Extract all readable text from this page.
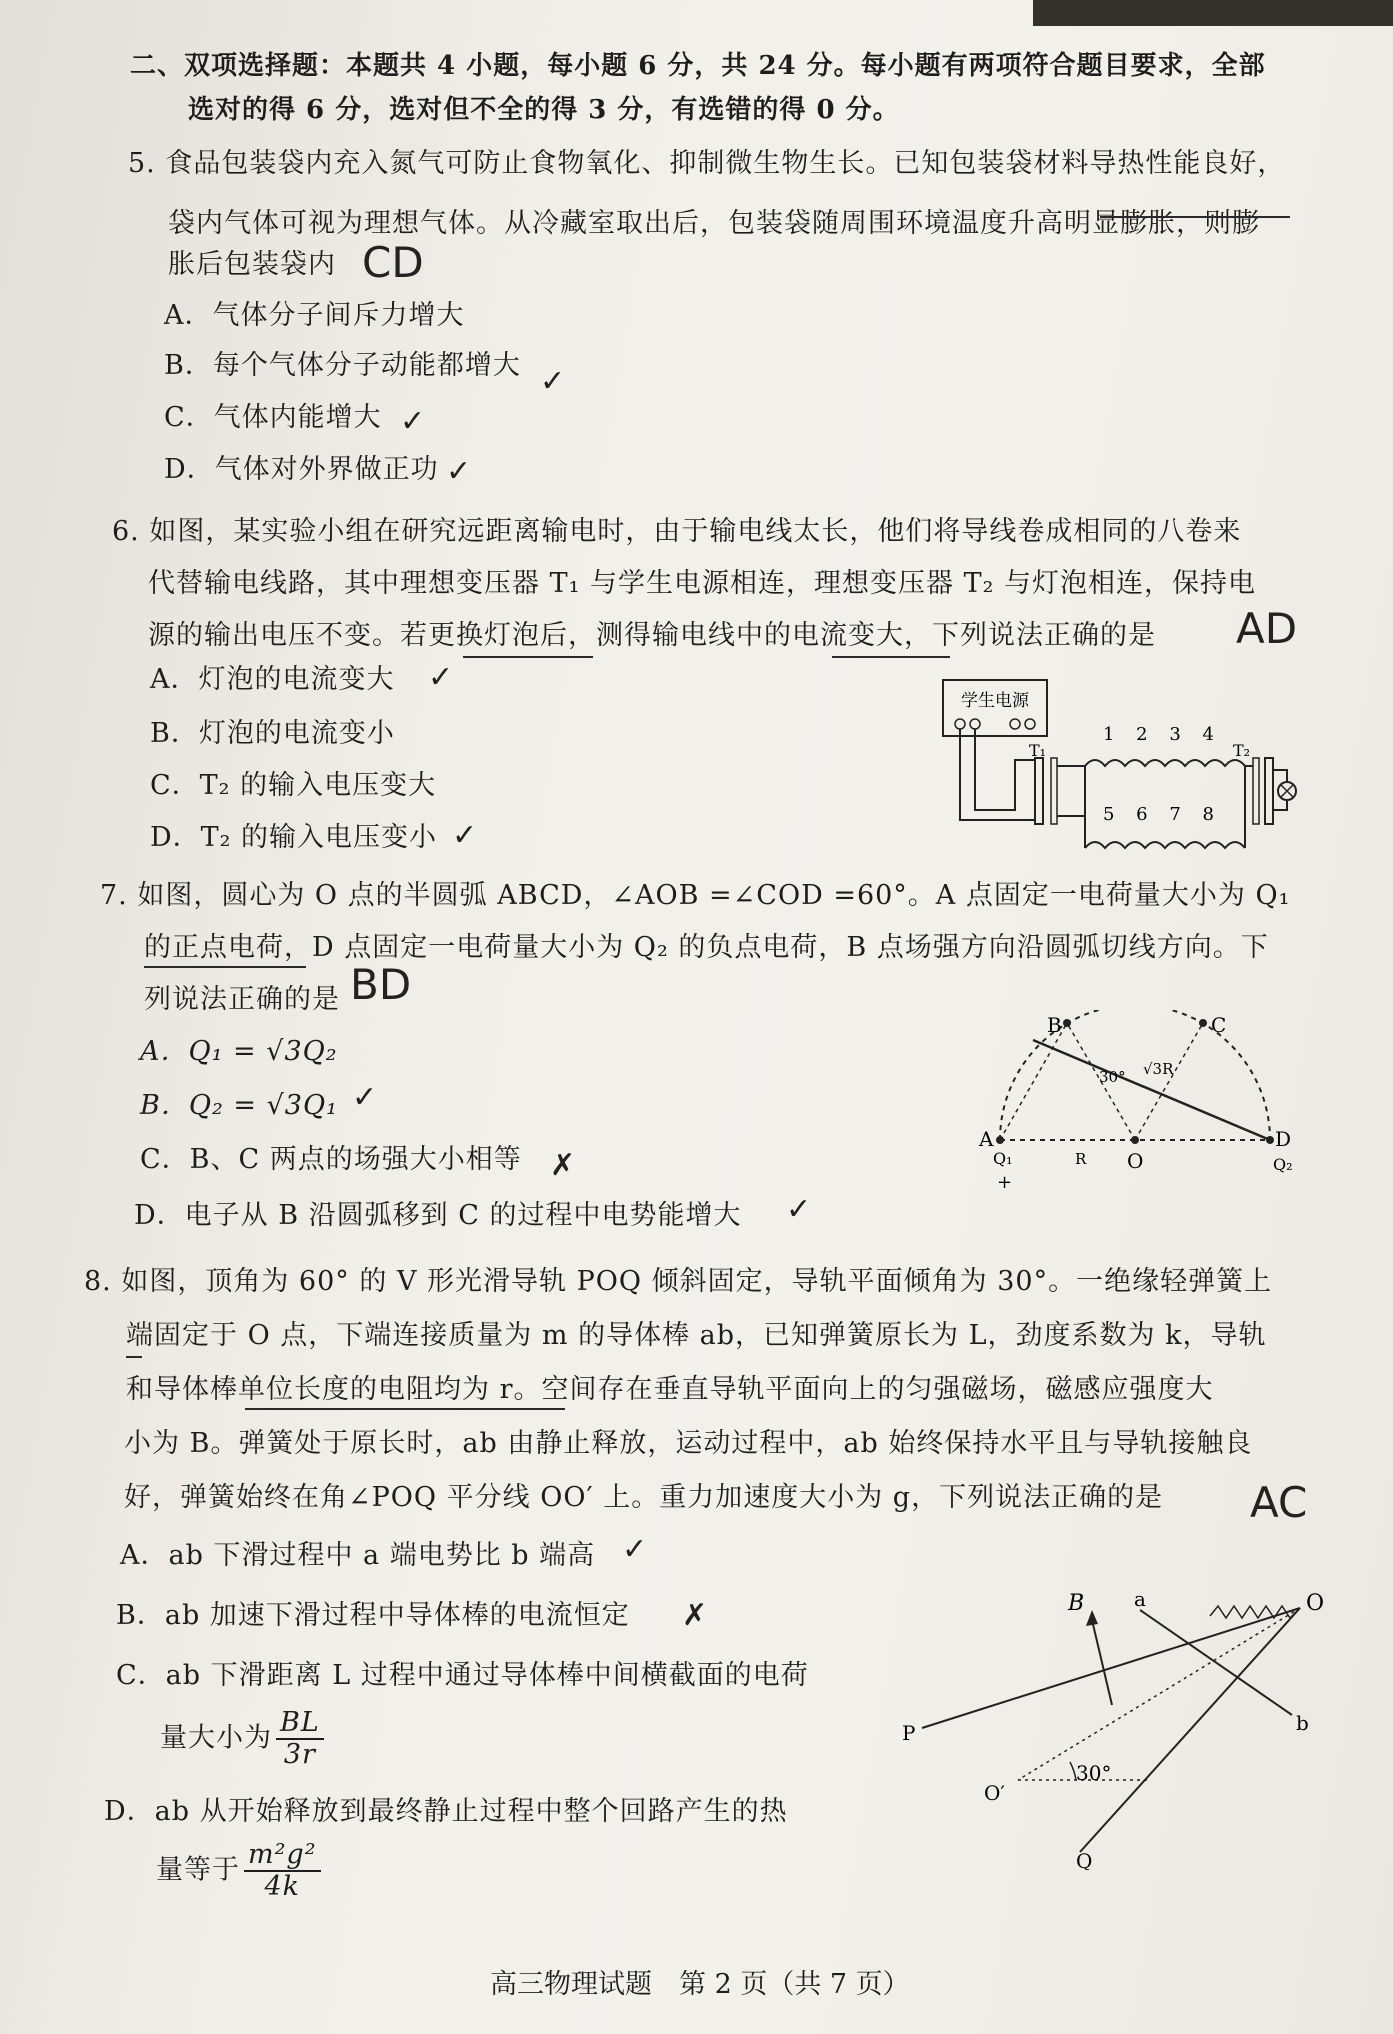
二、双项选择题：本题共 4 小题，每小题 6 分，共 24 分。每小题有两项符合题目要求，全部
选对的得 6 分，选对但不全的得 3 分，有选错的得 0 分。
5. 食品包装袋内充入氮气可防止食物氧化、抑制微生物生长。已知包装袋材料导热性能良好，
袋内气体可视为理想气体。从冷藏室取出后，包装袋随周围环境温度升高明显膨胀，则膨
胀后包装袋内 CD
A．气体分子间斥力增大
B．每个气体分子动能都增大 ✓
C．气体内能增大 ✓
D．气体对外界做正功 ✓
6. 如图，某实验小组在研究远距离输电时，由于输电线太长，他们将导线卷成相同的八卷来
代替输电线路，其中理想变压器 T₁ 与学生电源相连，理想变压器 T₂ 与灯泡相连，保持电
源的输出电压不变。若更换灯泡后，测得输电线中的电流变大，下列说法正确的是 AD
A．灯泡的电流变大 ✓
B．灯泡的电流变小
C．T₂ 的输入电压变大
D．T₂ 的输入电压变小 ✓
学生电源
T₁
1 2 3 4
5 6 7 8
T₂
7. 如图，圆心为 O 点的半圆弧 ABCD，∠AOB =∠COD =60°。A 点固定一电荷量大小为 Q₁
的正点电荷，D 点固定一电荷量大小为 Q₂ 的负点电荷，B 点场强方向沿圆弧切线方向。下
列说法正确的是 BD
A．Q₁ = √3Q₂
B．Q₂ = √3Q₁ ✓
C．B、C 两点的场强大小相等 ✗
D．电子从 B 沿圆弧移到 C 的过程中电势能增大 ✓
A
B	C
D
O
Q₁	Q₂
+
30° √3R
R
8. 如图，顶角为 60° 的 V 形光滑导轨 POQ 倾斜固定，导轨平面倾角为 30°。一绝缘轻弹簧上
端固定于 O 点，下端连接质量为 m 的导体棒 ab，已知弹簧原长为 L，劲度系数为 k，导轨
和导体棒单位长度的电阻均为 r。空间存在垂直导轨平面向上的匀强磁场，磁感应强度大
小为 B。弹簧处于原长时，ab 由静止释放，运动过程中，ab 始终保持水平且与导轨接触良
好，弹簧始终在角∠POQ 平分线 OO′ 上。重力加速度大小为 g，下列说法正确的是 AC
A．ab 下滑过程中 a 端电势比 b 端高 ✓
B．ab 加速下滑过程中导体棒的电流恒定 ✗
C．ab 下滑距离 L 过程中通过导体棒中间横截面的电荷
量大小为 $\frac{BL}{3r}$
D．ab 从开始释放到最终静止过程中整个回路产生的热
量等于 $\frac{\text{m²g²}}{4k}$
B a	O
b
P
O′
Q
30°
高三物理试题　第 2 页（共 7 页）
